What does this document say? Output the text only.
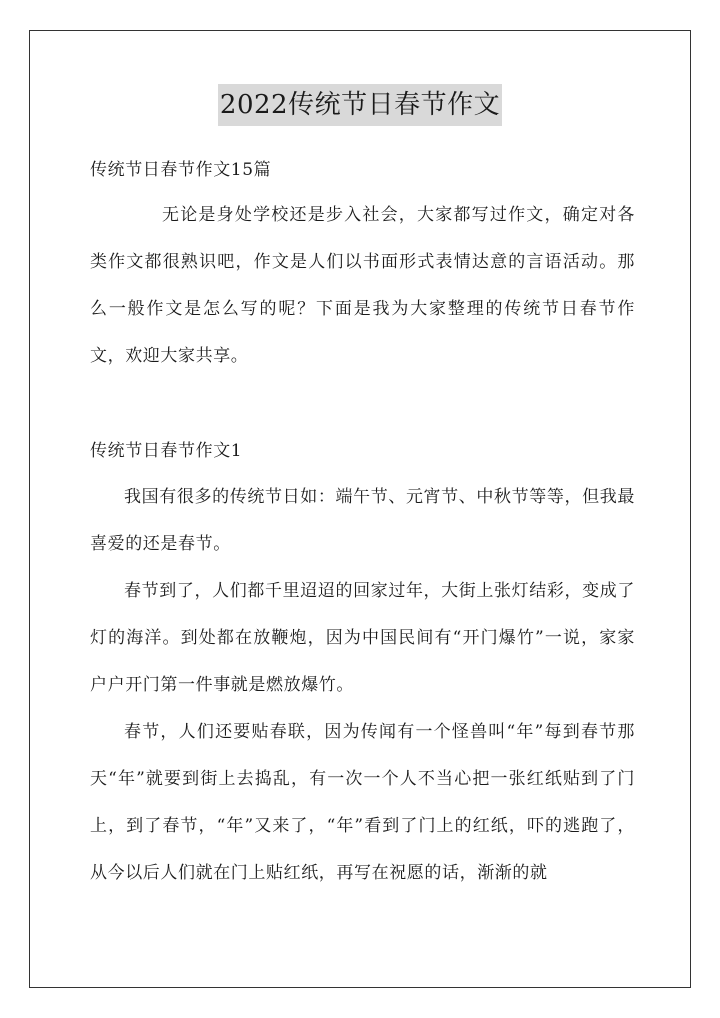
2022传统节日春节作文
传统节日春节作文15篇
无论是身处学校还是步入社会，大家都写过作文，确定对各类作文都很熟识吧，作文是人们以书面形式表情达意的言语活动。那么一般作文是怎么写的呢？下面是我为大家整理的传统节日春节作文，欢迎大家共享。
传统节日春节作文1
我国有很多的传统节日如：端午节、元宵节、中秋节等等，但我最喜爱的还是春节。
春节到了，人们都千里迢迢的回家过年，大街上张灯结彩，变成了灯的海洋。到处都在放鞭炮，因为中国民间有“开门爆竹”一说，家家户户开门第一件事就是燃放爆竹。
春节，人们还要贴春联，因为传闻有一个怪兽叫“年”每到春节那天“年”就要到街上去捣乱，有一次一个人不当心把一张红纸贴到了门上，到了春节，“年”又来了，“年”看到了门上的红纸，吓的逃跑了，从今以后人们就在门上贴红纸，再写在祝愿的话，渐渐的就
